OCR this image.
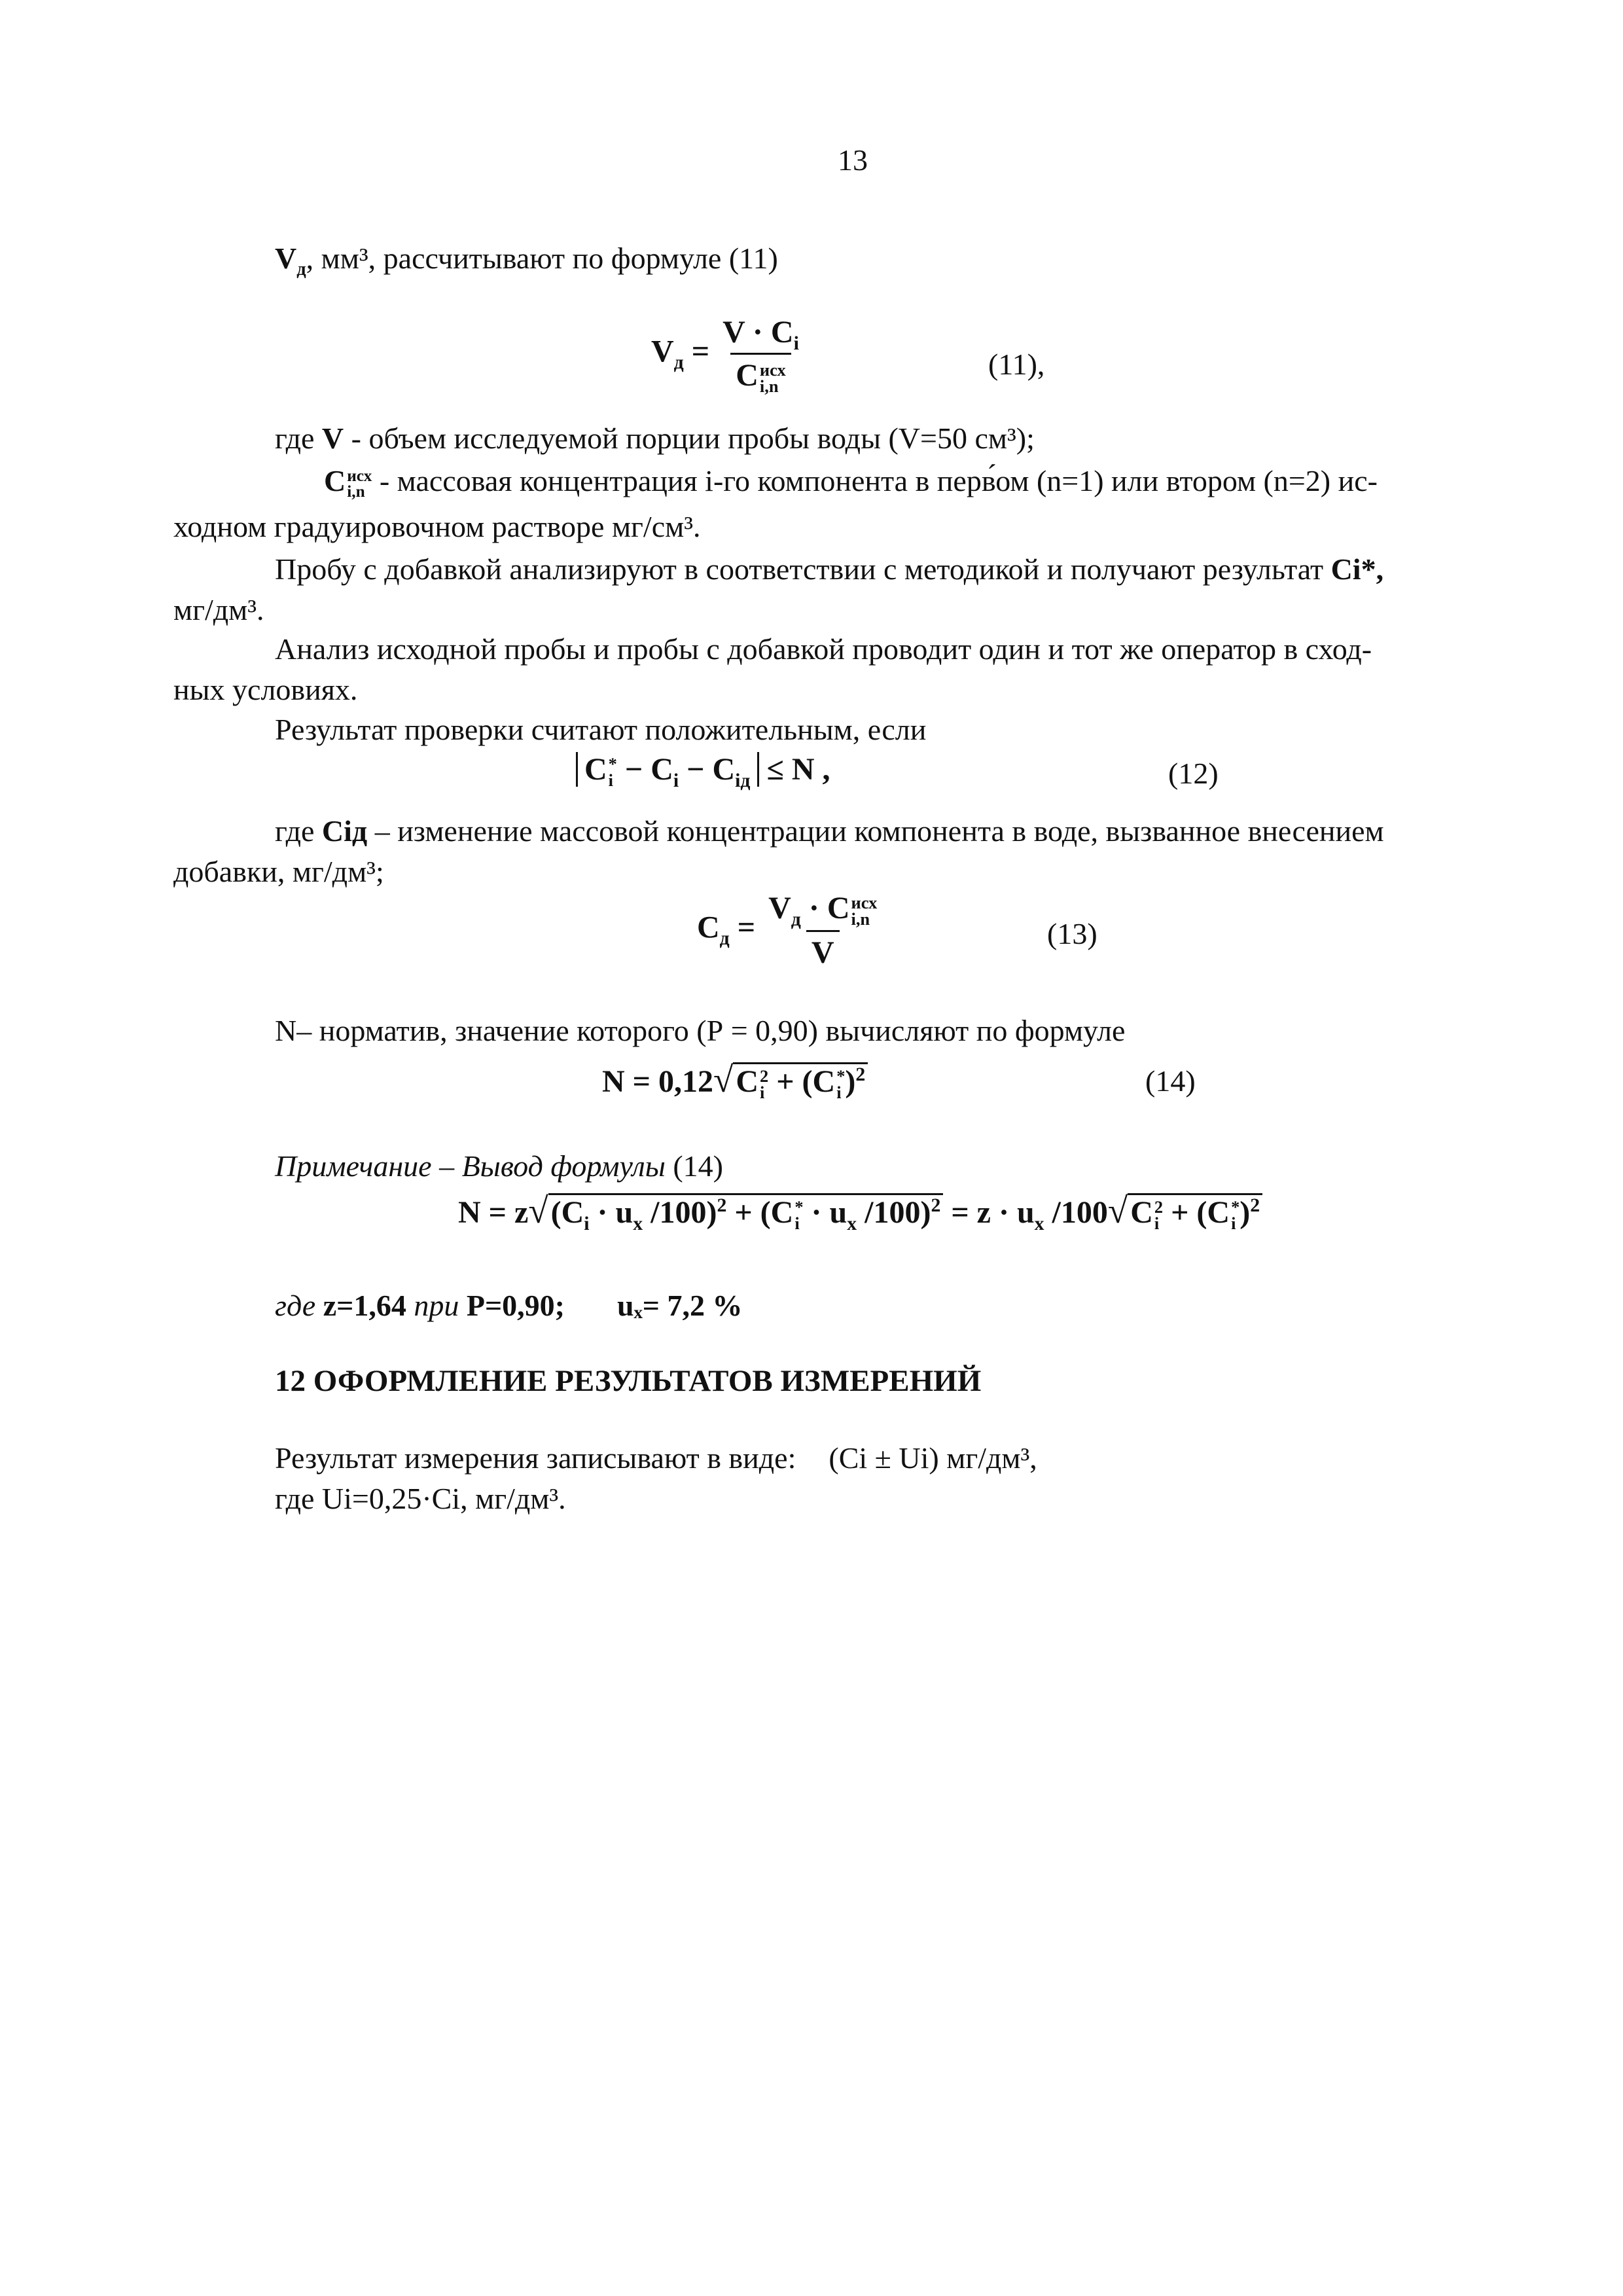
13
$V_д$, мм³, рассчитывают по формуле (11)
$V_д = V \cdot C_i$
C исх
i,n	(11),
где V - объем исследуемой порции пробы воды (V=50 см³);
C исх
i,n - массовая концентрация i-го компонента в перв́ом (n=1) или втором (n=2) ис-
ходном градуировочном растворе мг/см³.
Пробу с добавкой анализируют в соответствии с методикой и получают результат Ci*,
мг/дм³.
Анализ исходной пробы и пробы с добавкой проводит один и тот же оператор в сход-
ных условиях.
Результат проверки считают положительным, если
C *
$i - C_i - C_{iд} \le N$ ,	(12)
где Ciд – изменение массовой концентрации компонента в воде, вызванное внесением
добавки, мг/дм³;
$C_д = V_д \cdot C$ исх
i,n
V	(13)
N– норматив, значение которого (Р = 0,90) вычисляют по формуле
N = 0,12√C 2
i + (C *
i )$^2$	(14)
Примечание – Вывод формулы (14)
$N = z√(C_i \cdot u_x$ /100)$^2$ + (C *
$i \cdot u_x$ $/100)^2 = z \cdot u_x$ /100√C 2
i + (C *
i )$^2$
где z=1,64 при Р=0,90; uₓ= 7,2 %
12 ОФОРМЛЕНИЕ РЕЗУЛЬТАТОВ ИЗМЕРЕНИЙ
Результат измерения записывают в виде: (Ci ± Ui) мг/дм³,
где Ui=0,25·Ci, мг/дм³.
